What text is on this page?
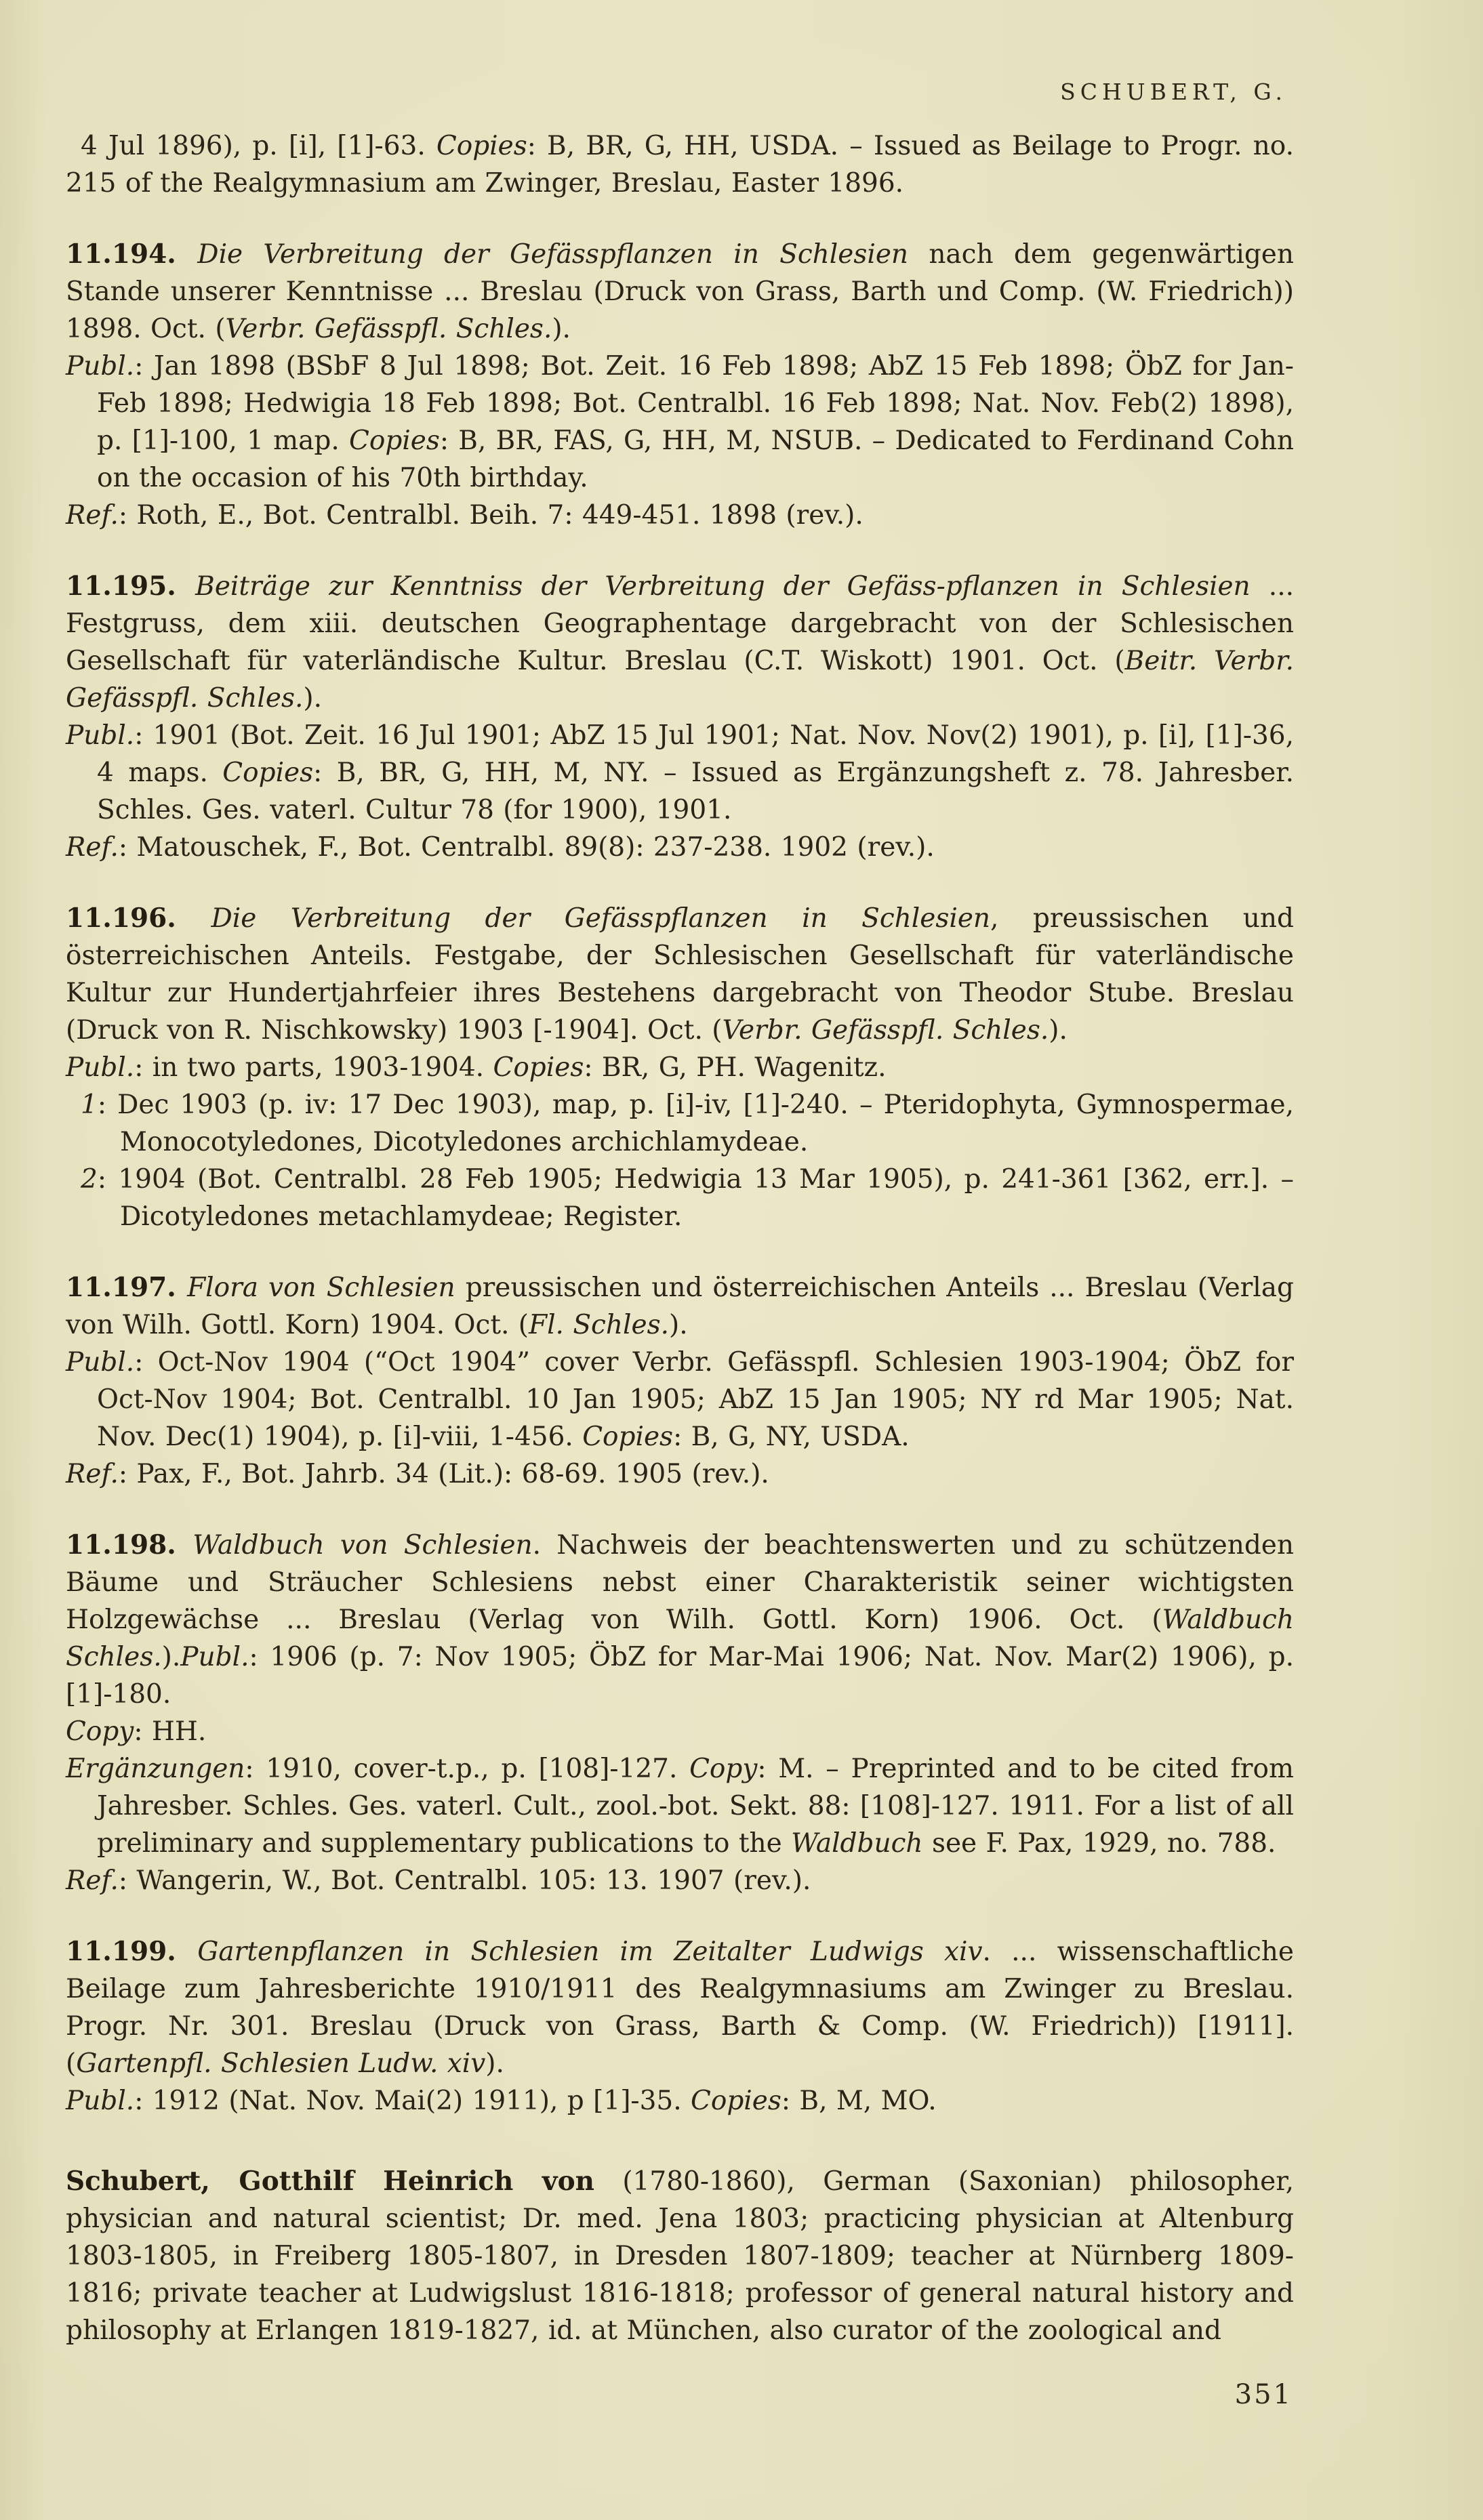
SCHUBERT, G.

4 Jul 1896), p. [i], [1]-63. Copies: B, BR, G, HH, USDA. – Issued as Beilage to Progr. no. 215 of the Realgymnasium am Zwinger, Breslau, Easter 1896.

11.194. Die Verbreitung der Gefässpflanzen in Schlesien nach dem gegenwärtigen Stande unserer Kenntnisse ... Breslau (Druck von Grass, Barth und Comp. (W. Friedrich)) 1898. Oct. (Verbr. Gefässpfl. Schles.).

Publ.: Jan 1898 (BSbF 8 Jul 1898; Bot. Zeit. 16 Feb 1898; AbZ 15 Feb 1898; ÖbZ for Jan-Feb 1898; Hedwigia 18 Feb 1898; Bot. Centralbl. 16 Feb 1898; Nat. Nov. Feb(2) 1898), p. [1]-100, 1 map. Copies: B, BR, FAS, G, HH, M, NSUB. – Dedicated to Ferdinand Cohn on the occasion of his 70th birthday.

Ref.: Roth, E., Bot. Centralbl. Beih. 7: 449-451. 1898 (rev.).

11.195. Beiträge zur Kenntniss der Verbreitung der Gefäss-pflanzen in Schlesien ... Festgruss, dem xiii. deutschen Geographentage dargebracht von der Schlesischen Gesellschaft für vaterländische Kultur. Breslau (C.T. Wiskott) 1901. Oct. (Beitr. Verbr. Gefässpfl. Schles.).

Publ.: 1901 (Bot. Zeit. 16 Jul 1901; AbZ 15 Jul 1901; Nat. Nov. Nov(2) 1901), p. [i], [1]-36, 4 maps. Copies: B, BR, G, HH, M, NY. – Issued as Ergänzungsheft z. 78. Jahresber. Schles. Ges. vaterl. Cultur 78 (for 1900), 1901.

Ref.: Matouschek, F., Bot. Centralbl. 89(8): 237-238. 1902 (rev.).

11.196. Die Verbreitung der Gefässpflanzen in Schlesien, preussischen und österreichischen Anteils. Festgabe, der Schlesischen Gesellschaft für vaterländische Kultur zur Hundertjahrfeier ihres Bestehens dargebracht von Theodor Stube. Breslau (Druck von R. Nischkowsky) 1903 [-1904]. Oct. (Verbr. Gefässpfl. Schles.).

Publ.: in two parts, 1903-1904. Copies: BR, G, PH. Wagenitz.

1: Dec 1903 (p. iv: 17 Dec 1903), map, p. [i]-iv, [1]-240. – Pteridophyta, Gymnospermae, Monocotyledones, Dicotyledones archichlamydeae.

2: 1904 (Bot. Centralbl. 28 Feb 1905; Hedwigia 13 Mar 1905), p. 241-361 [362, err.]. – Dicotyledones metachlamydeae; Register.

11.197. Flora von Schlesien preussischen und österreichischen Anteils ... Breslau (Verlag von Wilh. Gottl. Korn) 1904. Oct. (Fl. Schles.).

Publ.: Oct-Nov 1904 (“Oct 1904” cover Verbr. Gefässpfl. Schlesien 1903-1904; ÖbZ for Oct-Nov 1904; Bot. Centralbl. 10 Jan 1905; AbZ 15 Jan 1905; NY rd Mar 1905; Nat. Nov. Dec(1) 1904), p. [i]-viii, 1-456. Copies: B, G, NY, USDA.

Ref.: Pax, F., Bot. Jahrb. 34 (Lit.): 68-69. 1905 (rev.).

11.198. Waldbuch von Schlesien. Nachweis der beachtenswerten und zu schützenden Bäume und Sträucher Schlesiens nebst einer Charakteristik seiner wichtigsten Holzgewächse ... Breslau (Verlag von Wilh. Gottl. Korn) 1906. Oct. (Waldbuch Schles.).Publ.: 1906 (p. 7: Nov 1905; ÖbZ for Mar-Mai 1906; Nat. Nov. Mar(2) 1906), p. [1]-180.

Copy: HH.

Ergänzungen: 1910, cover-t.p., p. [108]-127. Copy: M. – Preprinted and to be cited from Jahresber. Schles. Ges. vaterl. Cult., zool.-bot. Sekt. 88: [108]-127. 1911. For a list of all preliminary and supplementary publications to the Waldbuch see F. Pax, 1929, no. 788.

Ref.: Wangerin, W., Bot. Centralbl. 105: 13. 1907 (rev.).

11.199. Gartenpflanzen in Schlesien im Zeitalter Ludwigs xiv. ... wissenschaftliche Beilage zum Jahresberichte 1910/1911 des Realgymnasiums am Zwinger zu Breslau. Progr. Nr. 301. Breslau (Druck von Grass, Barth & Comp. (W. Friedrich)) [1911]. (Gartenpfl. Schlesien Ludw. xiv).

Publ.: 1912 (Nat. Nov. Mai(2) 1911), p [1]-35. Copies: B, M, MO.

Schubert, Gotthilf Heinrich von (1780-1860), German (Saxonian) philosopher, physician and natural scientist; Dr. med. Jena 1803; practicing physician at Altenburg 1803-1805, in Freiberg 1805-1807, in Dresden 1807-1809; teacher at Nürnberg 1809-1816; private teacher at Ludwigslust 1816-1818; professor of general natural history and philosophy at Erlangen 1819-1827, id. at München, also curator of the zoological and

351
